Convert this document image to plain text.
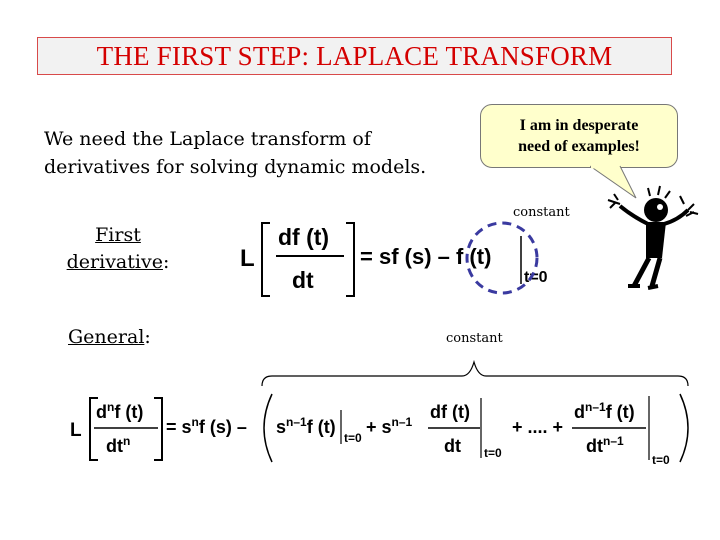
THE FIRST STEP: LAPLACE TRANSFORM
We need the Laplace transform of
derivatives for solving dynamic models.
I am in desperate
need of examples!
constant
constant
First
derivative:
General:
L
df (t)
dt
= sf (s) – f (t)
t=0
L
$d^nf$ (t)
$dt^n$
= $s^nf$ $(s) - s^{n-1}f$ (t)
t=0
+ $s^{n-1}$ df (t)
dt t=0
+ .... +
$d^{n-1}f$ (t)
$dt^{n-1}$
t=0
